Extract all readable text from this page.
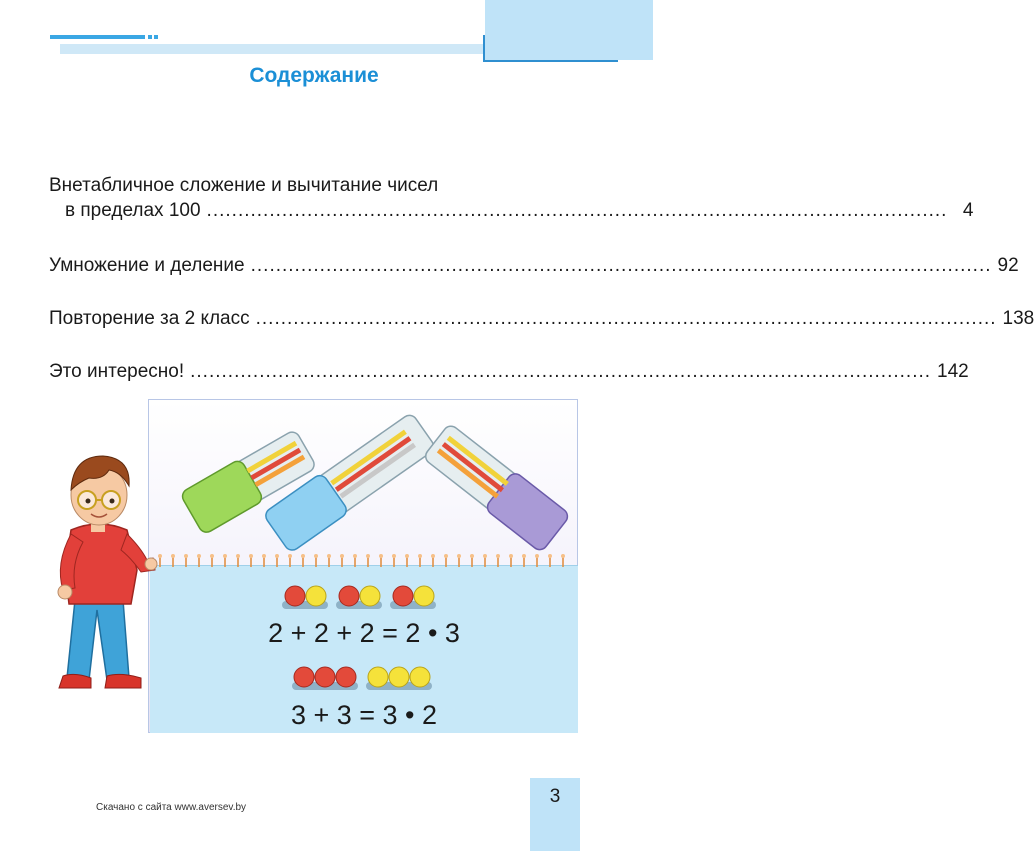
Содержание
Внетабличное сложение и вычитание чисел
в пределах 100 ...................................................................................................................... 4
Умножение и деление ...................................................................................................................... 92
Повторение за 2 класс ...................................................................................................................... 138
Это интересно! ...................................................................................................................... 142
2 + 2 + 2 = 2 • 3
3 + 3 = 3 • 2
Скачано с сайта www.aversev.by
3
